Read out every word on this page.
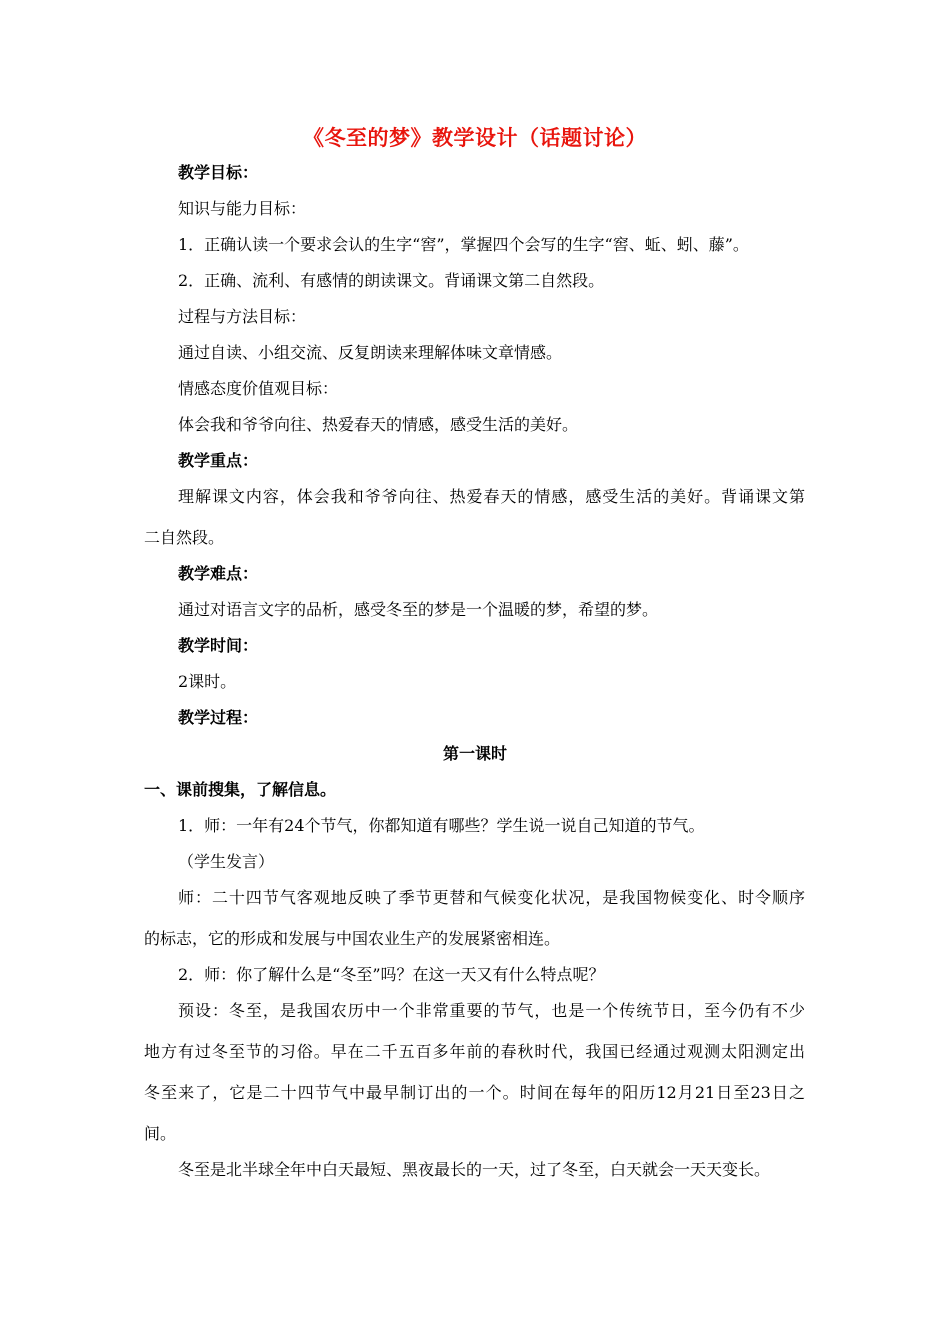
《冬至的梦》教学设计（话题讨论）
教学目标：
知识与能力目标：
1．正确认读一个要求会认的生字“窖”，掌握四个会写的生字“窖、蚯、蚓、藤”。
2．正确、流利、有感情的朗读课文。背诵课文第二自然段。
过程与方法目标：
通过自读、小组交流、反复朗读来理解体味文章情感。
情感态度价值观目标：
体会我和爷爷向往、热爱春天的情感，感受生活的美好。
教学重点：
理解课文内容，体会我和爷爷向往、热爱春天的情感，感受生活的美好。背诵课文第
二自然段。
教学难点：
通过对语言文字的品析，感受冬至的梦是一个温暖的梦，希望的梦。
教学时间：
2课时。
教学过程：
第一课时
一、课前搜集，了解信息。
1．师：一年有24个节气，你都知道有哪些？学生说一说自己知道的节气。
（学生发言）
师：二十四节气客观地反映了季节更替和气候变化状况，是我国物候变化、时令顺序
的标志，它的形成和发展与中国农业生产的发展紧密相连。
2．师：你了解什么是“冬至”吗？在这一天又有什么特点呢？
预设：冬至，是我国农历中一个非常重要的节气，也是一个传统节日，至今仍有不少
地方有过冬至节的习俗。早在二千五百多年前的春秋时代，我国已经通过观测太阳测定出
冬至来了，它是二十四节气中最早制订出的一个。时间在每年的阳历12月21日至23日之
间。
冬至是北半球全年中白天最短、黑夜最长的一天，过了冬至，白天就会一天天变长。
